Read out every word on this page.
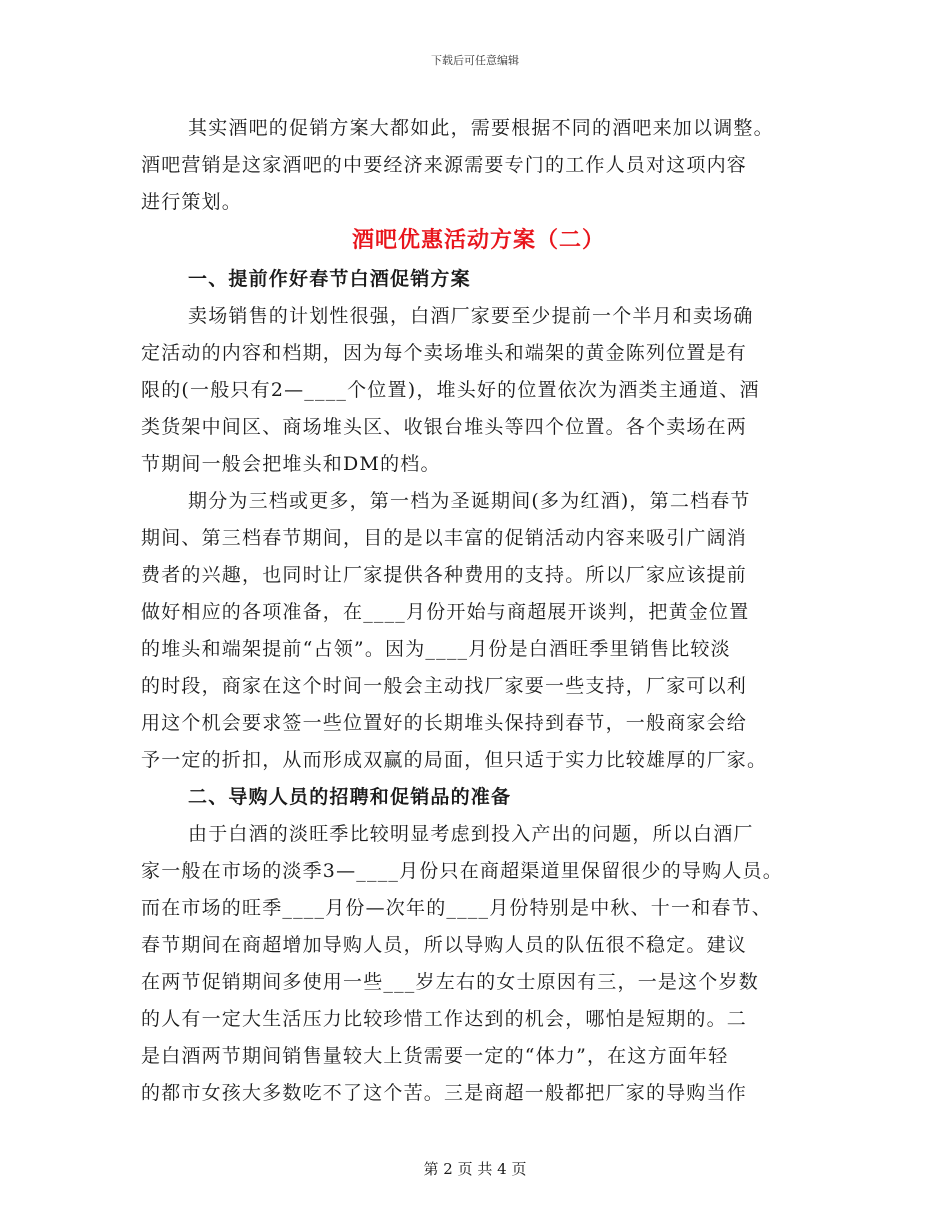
下载后可任意编辑
其实酒吧的促销方案大都如此，需要根据不同的酒吧来加以调整。
酒吧营销是这家酒吧的中要经济来源需要专门的工作人员对这项内容
进行策划。
酒吧优惠活动方案（二）
一、提前作好春节白酒促销方案
卖场销售的计划性很强，白酒厂家要至少提前一个半月和卖场确
定活动的内容和档期，因为每个卖场堆头和端架的黄金陈列位置是有
限的(一般只有2—____个位置)，堆头好的位置依次为酒类主通道、酒
类货架中间区、商场堆头区、收银台堆头等四个位置。各个卖场在两
节期间一般会把堆头和DM的档。
期分为三档或更多，第一档为圣诞期间(多为红酒)，第二档春节
期间、第三档春节期间，目的是以丰富的促销活动内容来吸引广阔消
费者的兴趣，也同时让厂家提供各种费用的支持。所以厂家应该提前
做好相应的各项准备，在____月份开始与商超展开谈判，把黄金位置
的堆头和端架提前“占领”。因为____月份是白酒旺季里销售比较淡
的时段，商家在这个时间一般会主动找厂家要一些支持，厂家可以利
用这个机会要求签一些位置好的长期堆头保持到春节，一般商家会给
予一定的折扣，从而形成双赢的局面，但只适于实力比较雄厚的厂家。
二、导购人员的招聘和促销品的准备
由于白酒的淡旺季比较明显考虑到投入产出的问题，所以白酒厂
家一般在市场的淡季3—____月份只在商超渠道里保留很少的导购人员。
而在市场的旺季____月份—次年的____月份特别是中秋、十一和春节、
春节期间在商超增加导购人员，所以导购人员的队伍很不稳定。建议
在两节促销期间多使用一些___岁左右的女士原因有三，一是这个岁数
的人有一定大生活压力比较珍惜工作达到的机会，哪怕是短期的。二
是白酒两节期间销售量较大上货需要一定的“体力”，在这方面年轻
的都市女孩大多数吃不了这个苦。三是商超一般都把厂家的导购当作
第 2 页 共 4 页
